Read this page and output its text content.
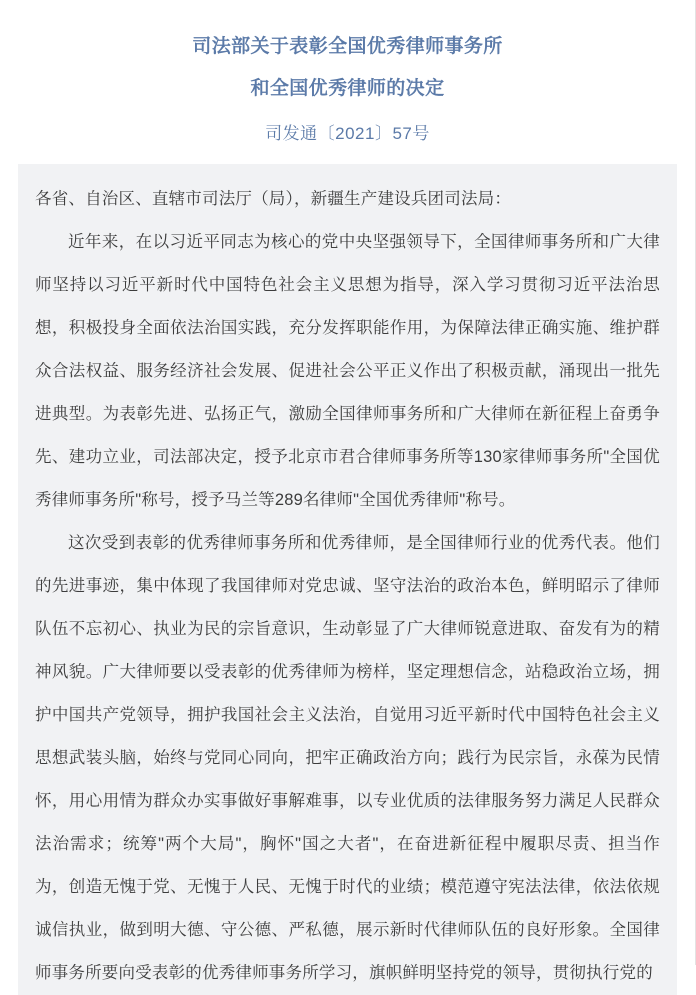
司法部关于表彰全国优秀律师事务所
和全国优秀律师的决定
司发通〔2021〕57号

各省、自治区、直辖市司法厅（局），新疆生产建设兵团司法局：

近年来，在以习近平同志为核心的党中央坚强领导下，全国律师事务所和广大律师坚持以习近平新时代中国特色社会主义思想为指导，深入学习贯彻习近平法治思想，积极投身全面依法治国实践，充分发挥职能作用，为保障法律正确实施、维护群众合法权益、服务经济社会发展、促进社会公平正义作出了积极贡献，涌现出一批先进典型。为表彰先进、弘扬正气，激励全国律师事务所和广大律师在新征程上奋勇争先、建功立业，司法部决定，授予北京市君合律师事务所等130家律师事务所"全国优秀律师事务所"称号，授予马兰等289名律师"全国优秀律师"称号。

这次受到表彰的优秀律师事务所和优秀律师，是全国律师行业的优秀代表。他们的先进事迹，集中体现了我国律师对党忠诚、坚守法治的政治本色，鲜明昭示了律师队伍不忘初心、执业为民的宗旨意识，生动彰显了广大律师锐意进取、奋发有为的精神风貌。广大律师要以受表彰的优秀律师为榜样，坚定理想信念，站稳政治立场，拥护中国共产党领导，拥护我国社会主义法治，自觉用习近平新时代中国特色社会主义思想武装头脑，始终与党同心同向，把牢正确政治方向；践行为民宗旨，永葆为民情怀，用心用情为群众办实事做好事解难事，以专业优质的法律服务努力满足人民群众法治需求；统筹"两个大局"，胸怀"国之大者"，在奋进新征程中履职尽责、担当作为，创造无愧于党、无愧于人民、无愧于时代的业绩；模范遵守宪法法律，依法依规诚信执业，做到明大德、守公德、严私德，展示新时代律师队伍的良好形象。全国律师事务所要向受表彰的优秀律师事务所学习，旗帜鲜明坚持党的领导，贯彻执行党的
